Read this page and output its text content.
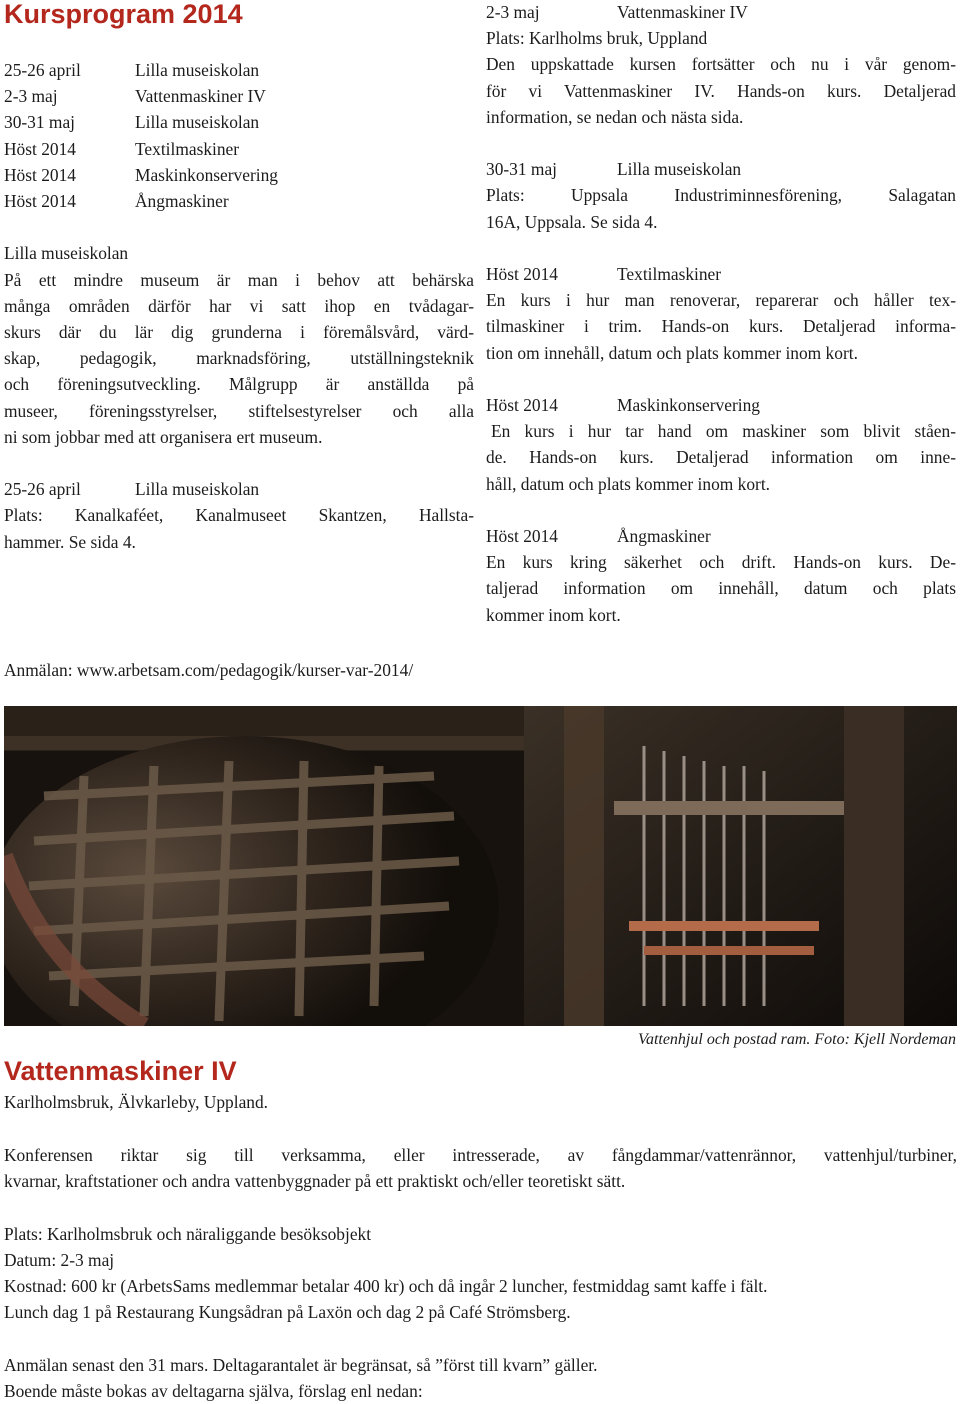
Kursprogram 2014
25-26 april	Lilla museiskolan
2-3 maj	Vattenmaskiner IV
30-31 maj	Lilla museiskolan
Höst 2014	Textilmaskiner
Höst 2014	Maskinkonservering
Höst 2014	Ångmaskiner

Lilla museiskolan

På ett mindre museum är man i behov att behärska

många områden därför har vi satt ihop en tvådagar-

skurs där du lär dig grunderna i föremålsvård, värd-

skap, pedagogik, marknadsföring, utställningsteknik

och föreningsutveckling. Målgrupp är anställda på

museer, föreningsstyrelser, stiftelsestyrelser och alla

ni som jobbar med att organisera ert museum.

25-26 april	Lilla museiskolan

Plats: Kanalkaféet, Kanalmuseet Skantzen, Hallsta-

hammer. Se sida 4.

2-3 maj	Vattenmaskiner IV

Plats: Karlholms bruk, Uppland

Den uppskattade kursen fortsätter och nu i vår genom-

för vi Vattenmaskiner IV. Hands-on kurs. Detaljerad

information, se nedan och nästa sida.

30-31 maj	Lilla museiskolan

Plats: Uppsala Industriminnesförening, Salagatan

16A, Uppsala. Se sida 4.

Höst 2014	Textilmaskiner

En kurs i hur man renoverar, reparerar och håller tex-

tilmaskiner i trim. Hands-on kurs. Detaljerad informa-

tion om innehåll, datum och plats kommer inom kort.

Höst 2014	Maskinkonservering

En kurs i hur tar hand om maskiner som blivit ståen-

de. Hands-on kurs. Detaljerad information om inne-

håll, datum och plats kommer inom kort.

Höst 2014	Ångmaskiner

En kurs kring säkerhet och drift. Hands-on kurs. De-

taljerad information om innehåll, datum och plats

kommer inom kort.

Anmälan: www.arbetsam.com/pedagogik/kurser-var-2014/
Vattenhjul och postad ram. Foto: Kjell Nordeman
Vattenmaskiner IV
Karlholmsbruk, Älvkarleby, Uppland.

Konferensen riktar sig till verksamma, eller intresserade, av fångdammar/vattenrännor, vattenhjul/turbiner,

kvarnar, kraftstationer och andra vattenbyggnader på ett praktiskt och/eller teoretiskt sätt.

Plats: Karlholmsbruk och näraliggande besöksobjekt

Datum: 2-3 maj

Kostnad: 600 kr (ArbetsSams medlemmar betalar 400 kr) och då ingår 2 luncher, festmiddag samt kaffe i fält.

Lunch dag 1 på Restaurang Kungsådran på Laxön och dag 2 på Café Strömsberg.

Anmälan senast den 31 mars. Deltagarantalet är begränsat, så ”först till kvarn” gäller.

Boende måste bokas av deltagarna själva, förslag enl nedan:
